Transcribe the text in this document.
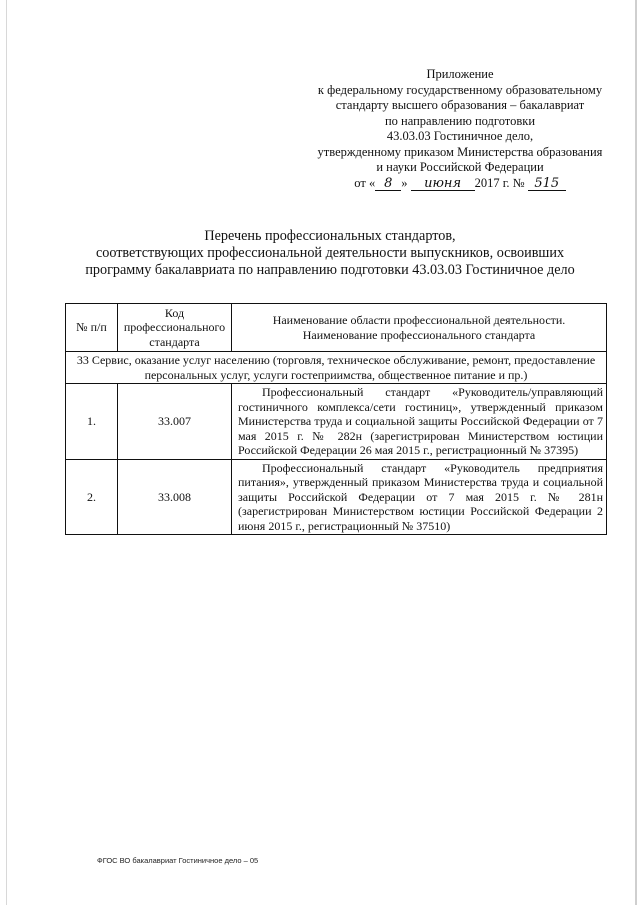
Приложение
к федеральному государственному образовательному
стандарту высшего образования – бакалавриат
по направлению подготовки
43.03.03 Гостиничное дело,
утвержденному приказом Министерства образования
и науки Российской Федерации
от « 8 » июня 2017 г. № 515
Перечень профессиональных стандартов,
соответствующих профессиональной деятельности выпускников, освоивших
программу бакалавриата по направлению подготовки 43.03.03 Гостиничное дело
№ п/п	Код профессионального стандарта	Наименование области профессиональной деятельности. Наименование профессионального стандарта
33 Сервис, оказание услуг населению (торговля, техническое обслуживание, ремонт, предоставление персональных услуг, услуги гостеприимства, общественное питание и пр.)		
1.	33.007	Профессиональный стандарт «Руководитель/управляющий гостиничного комплекса/сети гостиниц», утвержденный приказом Министерства труда и социальной защиты Российской Федерации от 7 мая 2015 г. № 282н (зарегистрирован Министерством юстиции Российской Федерации 26 мая 2015 г., регистрационный № 37395)
2.	33.008	Профессиональный стандарт «Руководитель предприятия питания», утвержденный приказом Министерства труда и социальной защиты Российской Федерации от 7 мая 2015 г. № 281н (зарегистрирован Министерством юстиции Российской Федерации 2 июня 2015 г., регистрационный № 37510)
ФГОС ВО бакалавриат Гостиничное дело – 05
